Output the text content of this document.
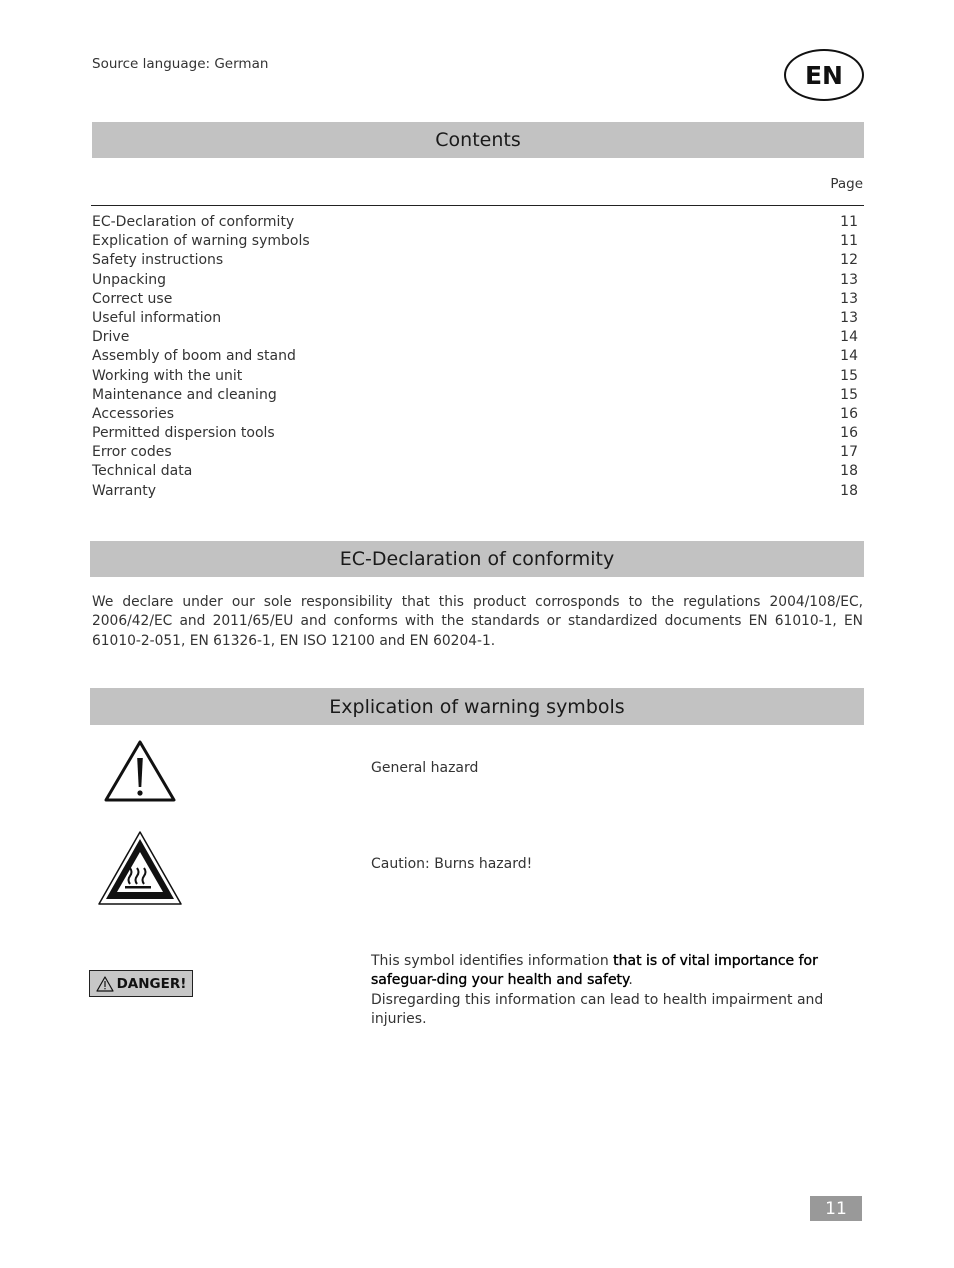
Source language: German	EN
Contents
Page
EC-Declaration of conformity	11
Explication of warning symbols	11
Safety instructions	12
Unpacking	13
Correct use	13
Useful information	13
Drive	14
Assembly of boom and stand	14
Working with the unit	15
Maintenance and cleaning	15
Accessories	16
Permitted dispersion tools	16
Error codes	17
Technical data	18
Warranty	18
EC-Declaration of conformity
We declare under our sole responsibility that this product corrosponds to the regulations 2004/108/EC, 2006/42/EC and 2011/65/EU and conforms with the standards or standardized documents EN 61010-1, EN 61010-2-051, EN 61326-1, EN ISO 12100 and EN 60204-1.
Explication of warning symbols
General hazard
Caution: Burns hazard!
DANGER!
This symbol identifies information that is of vital importance for safeguar-ding your health and safety.
Disregarding this information can lead to health impairment and injuries.
11
